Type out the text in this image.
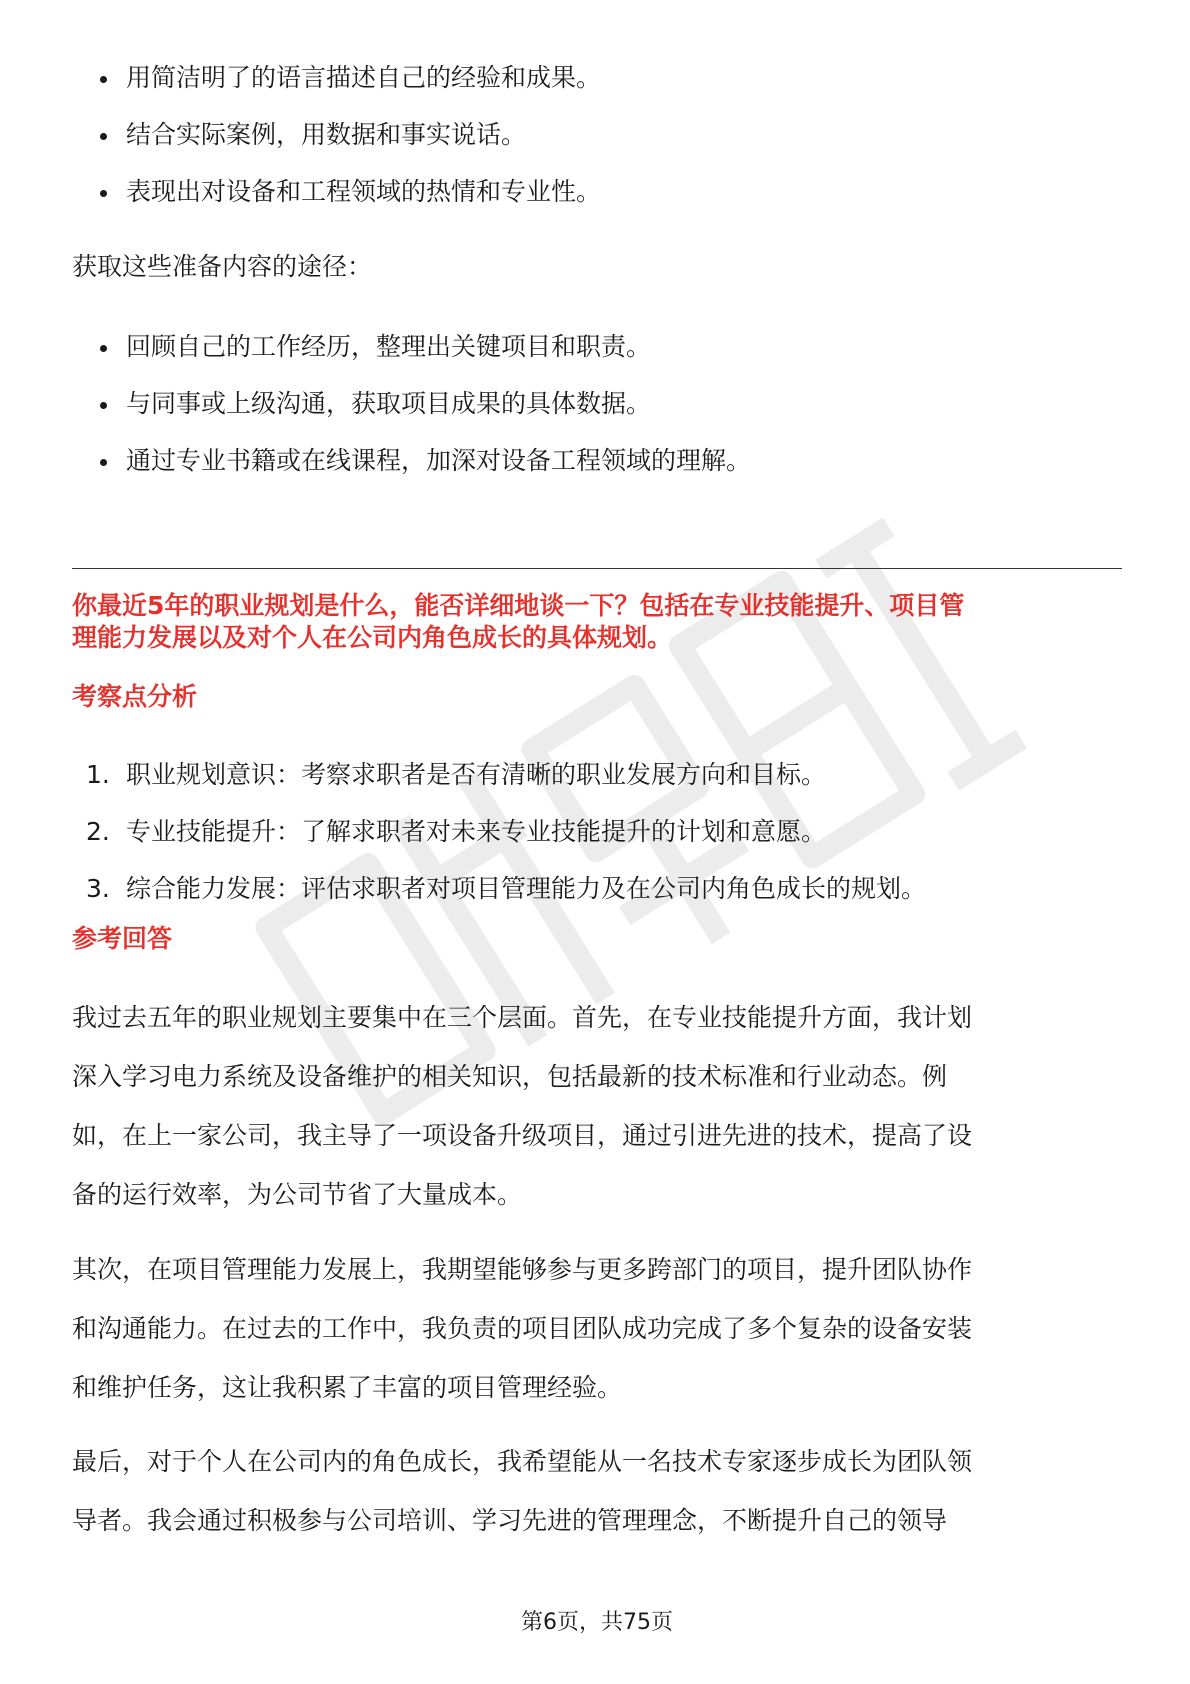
用简洁明了的语言描述自己的经验和成果。
结合实际案例，用数据和事实说话。
表现出对设备和工程领域的热情和专业性。

获取这些准备内容的途径：

回顾自己的工作经历，整理出关键项目和职责。
与同事或上级沟通，获取项目成果的具体数据。
通过专业书籍或在线课程，加深对设备工程领域的理解。

你最近5年的职业规划是什么，能否详细地谈一下？包括在专业技能提升、项目管
理能力发展以及对个人在公司内角色成长的具体规划。

考察点分析

1. 职业规划意识：考察求职者是否有清晰的职业发展方向和目标。
2. 专业技能提升：了解求职者对未来专业技能提升的计划和意愿。
3. 综合能力发展：评估求职者对项目管理能力及在公司内角色成长的规划。

参考回答

我过去五年的职业规划主要集中在三个层面。首先，在专业技能提升方面，我计划
深入学习电力系统及设备维护的相关知识，包括最新的技术标准和行业动态。例
如，在上一家公司，我主导了一项设备升级项目，通过引进先进的技术，提高了设
备的运行效率，为公司节省了大量成本。

其次，在项目管理能力发展上，我期望能够参与更多跨部门的项目，提升团队协作
和沟通能力。在过去的工作中，我负责的项目团队成功完成了多个复杂的设备安装
和维护任务，这让我积累了丰富的项目管理经验。

最后，对于个人在公司内的角色成长，我希望能从一名技术专家逐步成长为团队领
导者。我会通过积极参与公司培训、学习先进的管理理念，不断提升自己的领导

第6页，共75页
